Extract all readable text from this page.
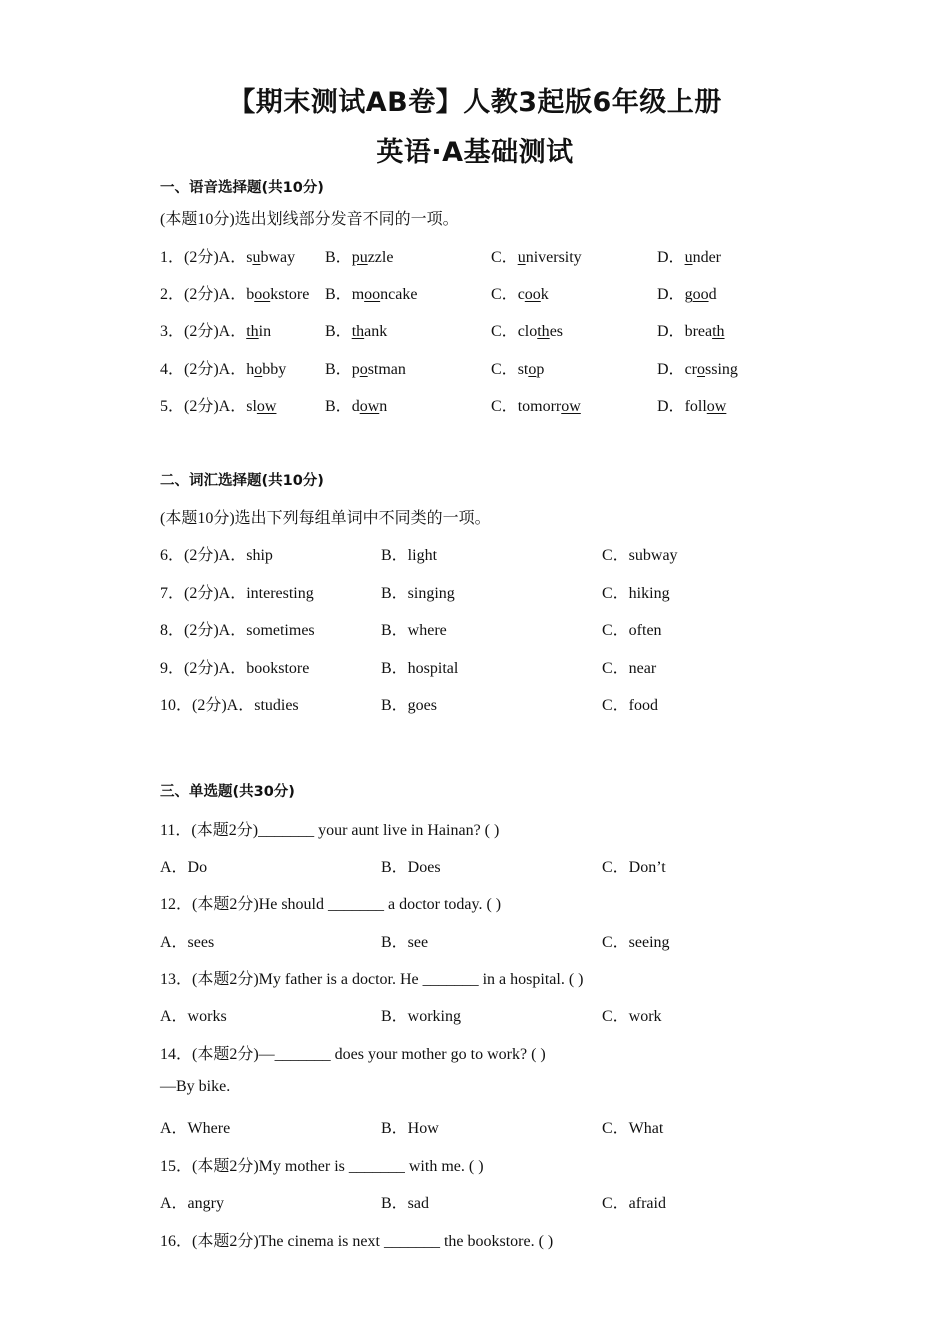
【期末测试AB卷】人教3起版6年级上册
英语·A基础测试
一、语音选择题(共10分)
(本题10分)选出划线部分发音不同的一项。
1．(2分)A．subway B．puzzle	C．university	D．under
2．(2分)A．bookstore B．mooncake	C．cook	D．good
3．(2分)A．thin	B．thank	C．clothes	D．breath
4．(2分)A．hobby B．postman	C．stop	D．crossing
5．(2分)A．slow	B．down	C．tomorrow	D．follow
二、词汇选择题(共10分)
(本题10分)选出下列每组单词中不同类的一项。
6．(2分)A．ship	B．light	C．subway
7．(2分)A．interesting	B．singing	C．hiking
8．(2分)A．sometimes	B．where	C．often
9．(2分)A．bookstore	B．hospital	C．near
10．(2分)A．studies	B．goes	C．food
三、单选题(共30分)
11．(本题2分)_______ your aunt live in Hainan? ( )
A．Do	B．Does	C．Don’t
12．(本题2分)He should _______ a doctor today. ( )
A．sees	B．see	C．seeing
13．(本题2分)My father is a doctor. He _______ in a hospital. ( )
A．works	B．working	C．work
14．(本题2分)—_______ does your mother go to work? ( )
—By bike.
A．Where	B．How	C．What
15．(本题2分)My mother is _______ with me. ( )
A．angry	B．sad	C．afraid
16．(本题2分)The cinema is next _______ the bookstore. ( )
